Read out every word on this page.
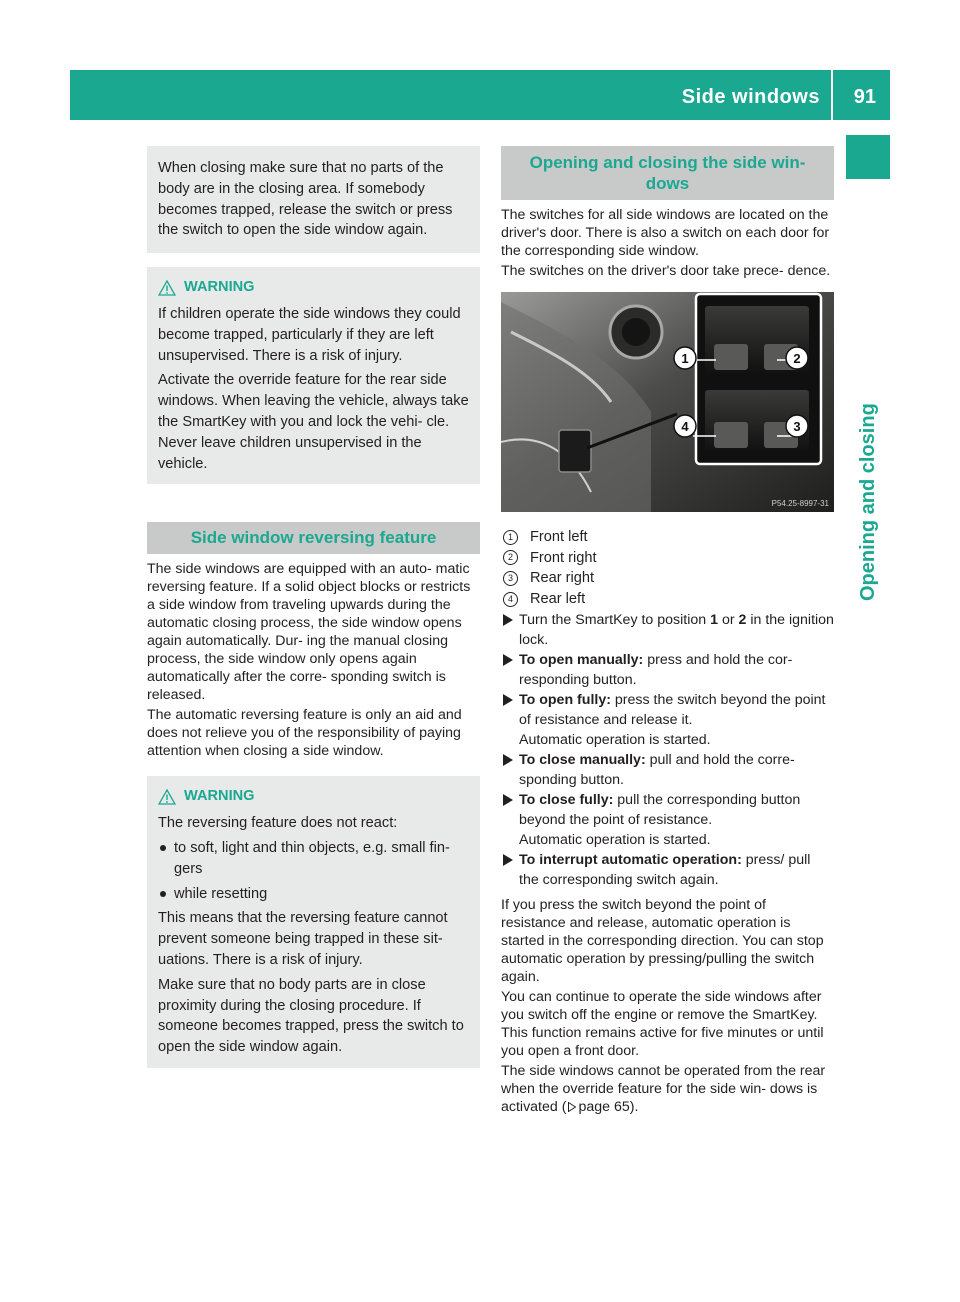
Side windows 91
Opening and closing
When closing make sure that no parts of the
body are in the closing area. If somebody
becomes trapped, release the switch or press
the switch to open the side window again.
WARNING

If children operate the side windows they could become trapped, particularly if they are left unsupervised. There is a risk of injury.

Activate the override feature for the rear side windows. When leaving the vehicle, always take the SmartKey with you and lock the vehi- cle. Never leave children unsupervised in the vehicle.

Side window reversing feature

The side windows are equipped with an auto- matic reversing feature. If a solid object blocks or restricts a side window from traveling upwards during the automatic closing process, the side window opens again automatically. Dur- ing the manual closing process, the side window only opens again automatically after the corre- sponding switch is released.

The automatic reversing feature is only an aid and does not relieve you of the responsibility of paying attention when closing a side window.

WARNING

The reversing feature does not react:

to soft, light and thin objects, e.g. small fin- gers
while resetting

This means that the reversing feature cannot prevent someone being trapped in these sit- uations. There is a risk of injury.

Make sure that no body parts are in close proximity during the closing procedure. If someone becomes trapped, press the switch to open the side window again.

Opening and closing the side win- dows

The switches for all side windows are located on the driver's door. There is also a switch on each door for the corresponding side window.

The switches on the driver's door take prece- dence.

1	2
3
4
P54.25-8997-31
1	Front left
2	Front right
3	Rear right
4	Rear left
Turn the SmartKey to position 1 or 2 in the ignition lock.
To open manually: press and hold the cor- responding button.
To open fully: press the switch beyond the point of resistance and release it.
Automatic operation is started.
To close manually: pull and hold the corre- sponding button.
To close fully: pull the corresponding button beyond the point of resistance.
Automatic operation is started.
To interrupt automatic operation: press/ pull the corresponding switch again.

If you press the switch beyond the point of resistance and release, automatic operation is started in the corresponding direction. You can stop automatic operation by pressing/pulling the switch again.

You can continue to operate the side windows after you switch off the engine or remove the SmartKey. This function remains active for five minutes or until you open a front door.

The side windows cannot be operated from the rear when the override feature for the side win- dows is activated ( page 65).
